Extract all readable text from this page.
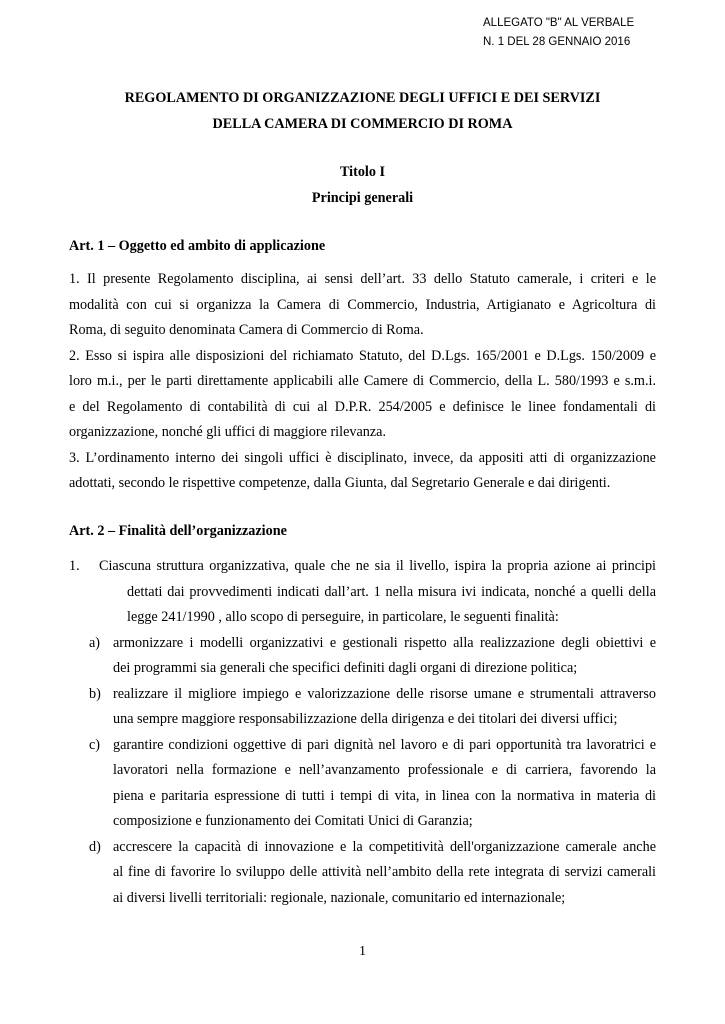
ALLEGATO "B" AL VERBALE
N. 1 DEL 28 GENNAIO 2016
REGOLAMENTO DI ORGANIZZAZIONE DEGLI UFFICI E DEI SERVIZI
DELLA CAMERA DI COMMERCIO DI ROMA
Titolo I
Principi generali
Art. 1 – Oggetto ed ambito di applicazione
1. Il presente Regolamento disciplina, ai sensi dell’art. 33 dello Statuto camerale, i criteri e le
modalità con cui si organizza la Camera di Commercio, Industria, Artigianato e Agricoltura di
Roma, di seguito denominata Camera di Commercio di Roma.
2. Esso si ispira alle disposizioni del richiamato Statuto, del D.Lgs. 165/2001 e D.Lgs. 150/2009 e
loro m.i., per le parti direttamente applicabili alle Camere di Commercio, della L. 580/1993 e s.m.i.
e del Regolamento di contabilità di cui al D.P.R. 254/2005 e definisce le linee fondamentali di
organizzazione, nonché gli uffici di maggiore rilevanza.
3. L’ordinamento interno dei singoli uffici è disciplinato, invece, da appositi atti di organizzazione
adottati, secondo le rispettive competenze, dalla Giunta, dal Segretario Generale e dai dirigenti.
Art. 2 – Finalità dell’organizzazione
1. Ciascuna struttura organizzativa, quale che ne sia il livello, ispira la propria azione ai principi
dettati dai provvedimenti indicati dall’art. 1 nella misura ivi indicata, nonché a quelli della
legge 241/1990 , allo scopo di perseguire, in particolare, le seguenti finalità:
a) armonizzare i modelli organizzativi e gestionali rispetto alla realizzazione degli obiettivi e
dei programmi sia generali che specifici definiti dagli organi di direzione politica;
b) realizzare il migliore impiego e valorizzazione delle risorse umane e strumentali attraverso
una sempre maggiore responsabilizzazione della dirigenza e dei titolari dei diversi uffici;
c) garantire condizioni oggettive di pari dignità nel lavoro e di pari opportunità tra lavoratrici e
lavoratori nella formazione e nell’avanzamento professionale e di carriera, favorendo la
piena e paritaria espressione di tutti i tempi di vita, in linea con la normativa in materia di
composizione e funzionamento dei Comitati Unici di Garanzia;
d) accrescere la capacità di innovazione e la competitività dell'organizzazione camerale anche
al fine di favorire lo sviluppo delle attività nell’ambito della rete integrata di servizi camerali
ai diversi livelli territoriali: regionale, nazionale, comunitario ed internazionale;
1
